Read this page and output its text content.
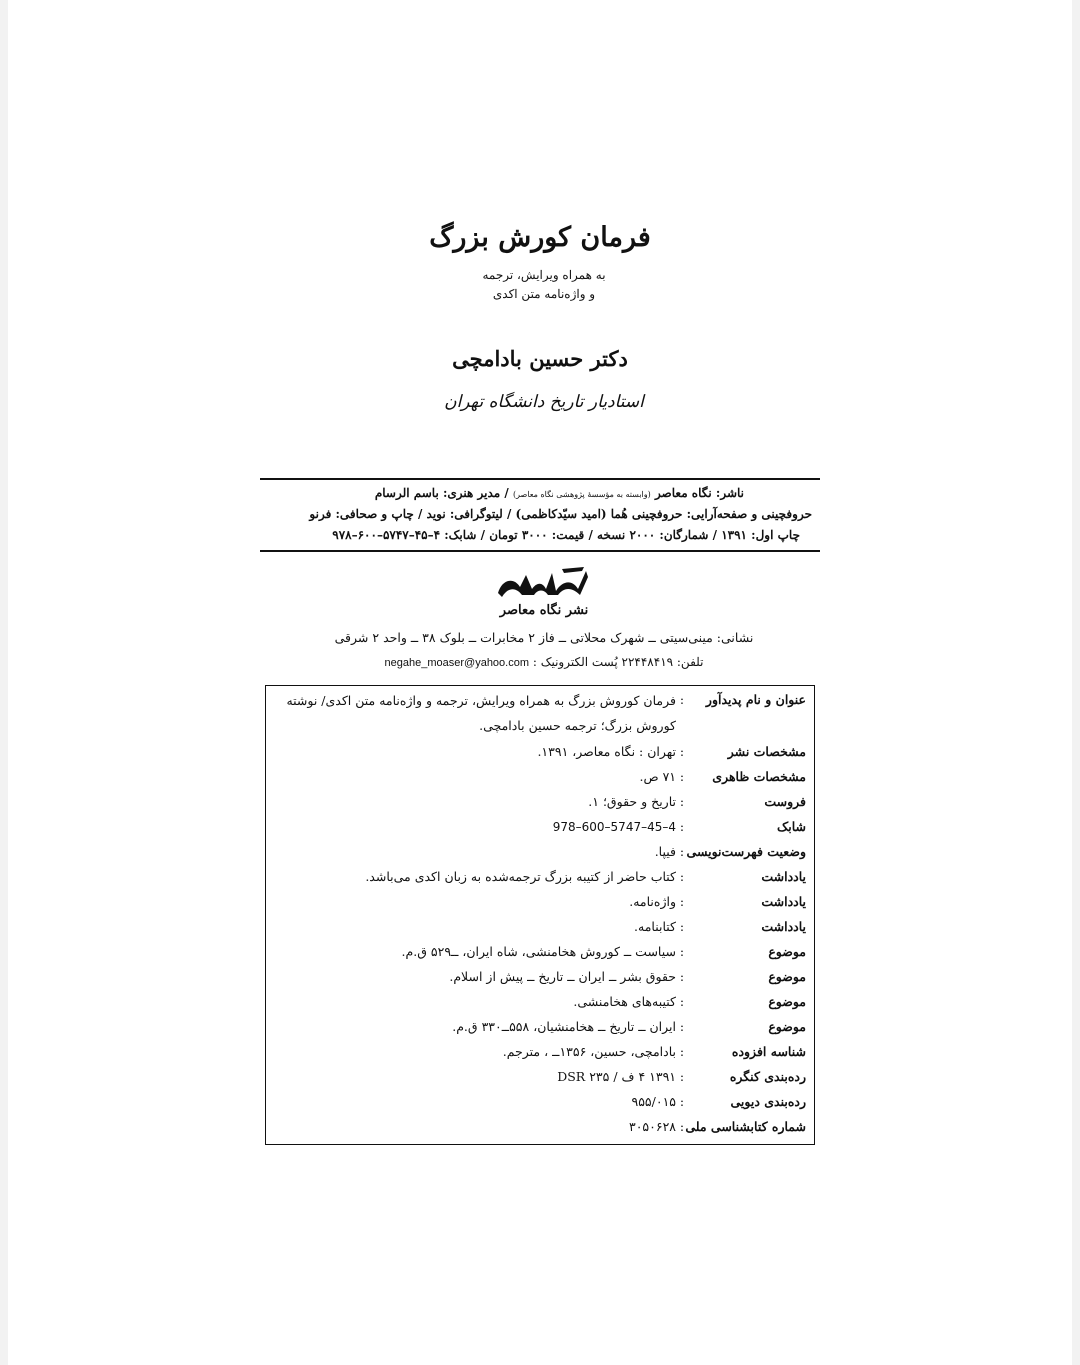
فرمان کورش بزرگ
به همراه ویرایش، ترجمه
و واژه‌نامه متن اکدی
دکتر حسین بادامچی
استادیار تاریخ دانشگاه تهران
ناشر: نگاه معاصر (وابسته به مؤسسهٔ پژوهشی نگاه معاصر) / مدیر هنری: باسم الرسام
حروفچینی و صفحه‌آرایی: حروفچینی هُما (امید سیّدکاظمی) / لیتوگرافی: نوید / چاپ و صحافی: فرنو
چاپ اول: ۱۳۹۱ / شمارگان: ۲۰۰۰ نسخه / قیمت: ۳۰۰۰ تومان / شابک: ۴–۴۵–۵۷۴۷–۶۰۰–۹۷۸
نشر نگاه معاصر
نشانی: مینی‌سیتی ــ شهرک محلاتی ــ فاز ۲ مخابرات ــ بلوک ۳۸ ــ واحد ۲ شرقی
تلفن: ۲۲۴۴۸۴۱۹ پُست الکترونیک : negahe_moaser@yahoo.com
عنوان و نام پدیدآور
:
فرمان کوروش بزرگ به همراه ویرایش، ترجمه و واژه‌نامه متن اکدی/ نوشته کوروش بزرگ؛ ترجمه حسین بادامچی.
مشخصات نشر
:
تهران : نگاه معاصر، ۱۳۹۱.
مشخصات ظاهری
:
۷۱ ص.
فروست
:
تاریخ و حقوق؛ ۱.
شابک
:
978–600–5747–45–4
وضعیت فهرست‌نویسی
:
فیپا.
یادداشت
:
کتاب حاضر از کتیبه بزرگ ترجمه‌شده به زبان اکدی می‌باشد.
یادداشت
:
واژه‌نامه.
یادداشت
:
کتابنامه.
موضوع
:
سیاست ــ کوروش هخامنشی، شاه ایران، ــ۵۲۹ ق.م.
موضوع
:
حقوق بشر ــ ایران ــ تاریخ ــ پیش از اسلام.
موضوع
:
کتیبه‌های هخامنشی.
موضوع
:
ایران ــ تاریخ ــ هخامنشیان، ۵۵۸ــ۳۳۰ ق.م.
شناسه افزوده
:
بادامچی، حسین، ۱۳۵۶ــ ، مترجم.
رده‌بندی کنگره
:
۱۳۹۱ ۴ ف / ۲۳۵ DSR
رده‌بندی دیویی
:
۹۵۵/۰۱۵
شماره کتابشناسی ملی
:
۳۰۵۰۶۲۸
